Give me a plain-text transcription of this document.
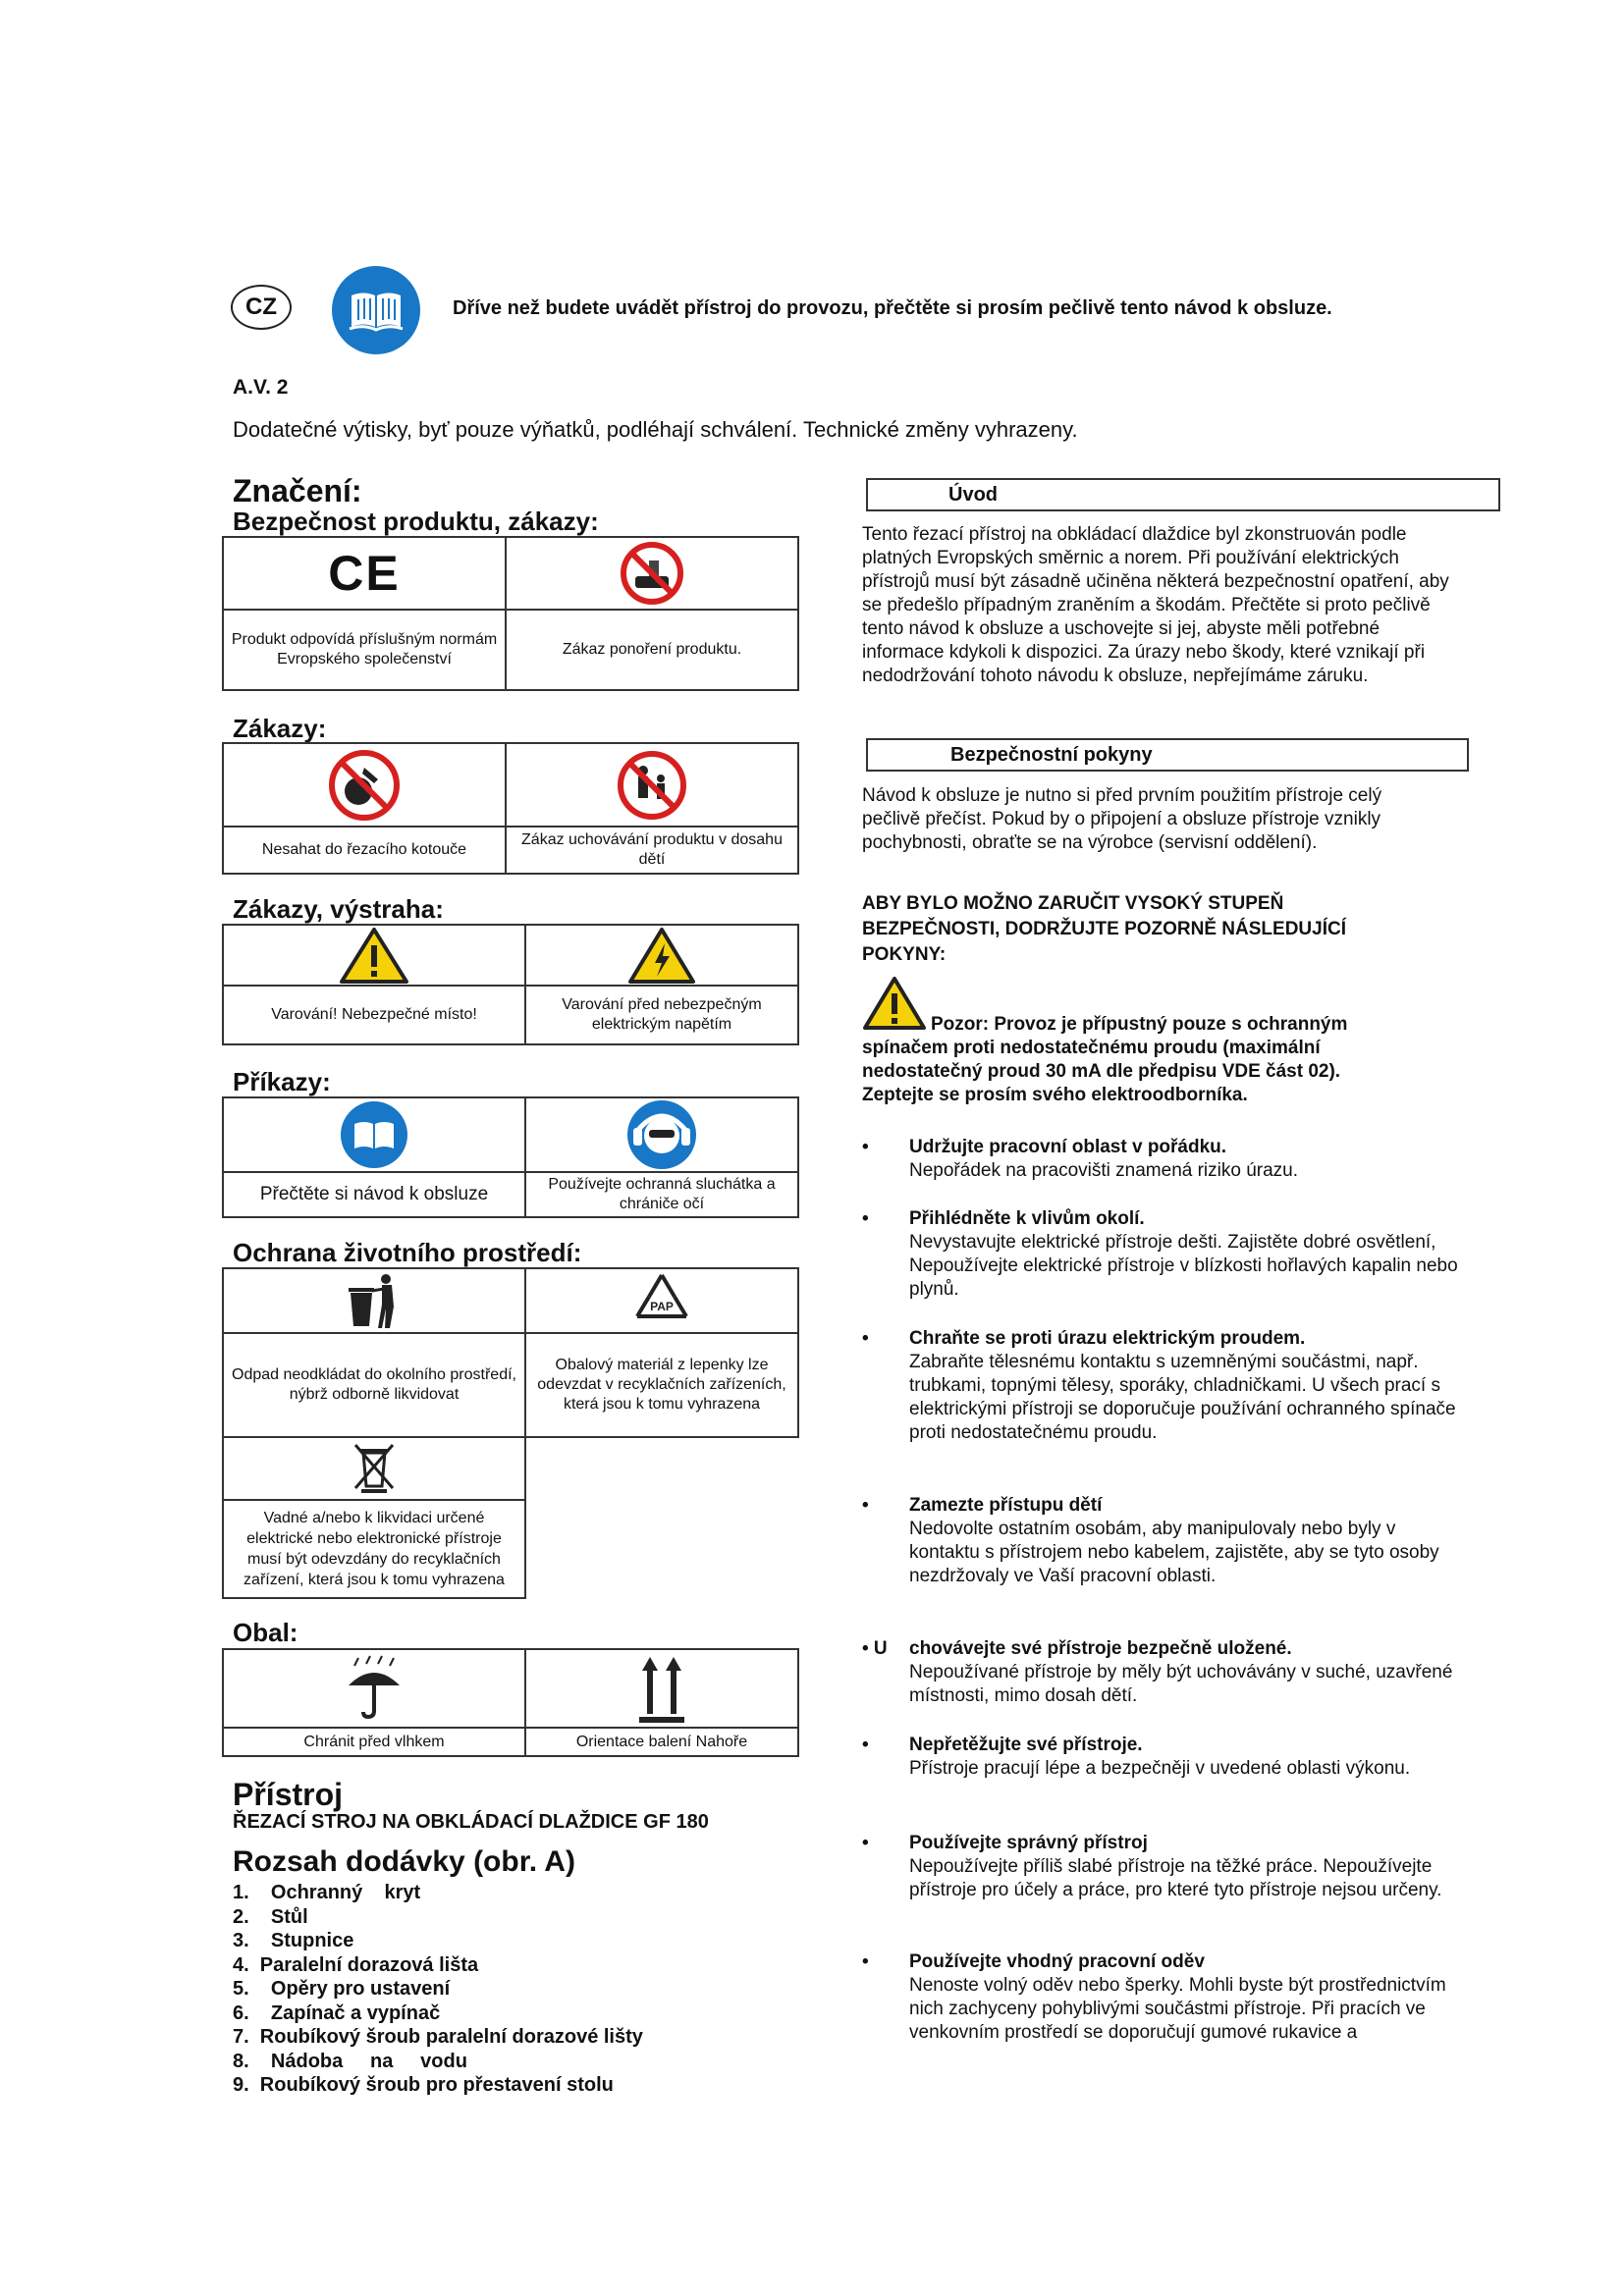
CZ	Dříve než budete uvádět přístroj do provozu, přečtěte si prosím pečlivě tento návod k obsluze.
A.V. 2
Dodatečné výtisky, byť pouze výňatků, podléhají schválení. Technické změny vyhrazeny.
Značení:
Bezpečnost produktu, zákazy:
CE

Produkt odpovídá příslušným normám Evropského společenství	Zákaz ponoření produktu.
Zákazy:

Nesahat do řezacího kotouče	Zákaz uchovávání produktu v dosahu dětí
Zákazy, výstraha:

Varování! Nebezpečné místo!	Varování před nebezpečným elektrickým napětím
Příkazy:

Přečtěte si návod k obsluze	Používejte ochranná sluchátka a chrániče očí
Ochrana životního prostředí:

PAP

Odpad neodkládat do okolního prostředí, nýbrž odborně likvidovat	Obalový materiál z lepenky lze odevzdat v recyklačních zařízeních, která jsou k tomu vyhrazena

Vadné a/nebo k likvidaci určené elektrické nebo elektronické přístroje musí být odevzdány do recyklačních zařízení, která jsou k tomu vyhrazena
Obal:

Chránit před vlhkem	Orientace balení Nahoře
Přístroj
ŘEZACÍ STROJ NA OBKLÁDACÍ DLAŽDICE GF 180
Rozsah dodávky (obr. A)
1.    Ochranný    kryt
2.    Stůl
3.    Stupnice
4.  Paralelní dorazová lišta
5.    Opěry pro ustavení
6.    Zapínač a vypínač
7.  Roubíkový šroub paralelní dorazové lišty
8.    Nádoba     na     vodu
9.  Roubíkový šroub pro přestavení stolu
Úvod
Tento řezací přístroj na obkládací dlaždice byl zkonstruován podle platných Evropských směrnic a norem. Při používání elektrických přístrojů musí být zásadně učiněna některá bezpečnostní opatření, aby se předešlo případným zraněním a škodám. Přečtěte si proto pečlivě tento návod k obsluze a uschovejte si jej, abyste měli potřebné informace kdykoli k dispozici. Za úrazy nebo škody, které vznikají při nedodržování tohoto návodu k obsluze, nepřejímáme záruku.
Bezpečnostní pokyny
Návod k obsluze je nutno si před prvním použitím přístroje celý pečlivě přečíst. Pokud by o připojení a obsluze přístroje vznikly pochybnosti, obraťte se na výrobce (servisní oddělení).
ABY BYLO MOŽNO ZARUČIT VYSOKÝ STUPEŇ BEZPEČNOSTI, DODRŽUJTE POZORNĚ NÁSLEDUJÍCÍ POKYNY:
Pozor: Provoz je přípustný pouze s ochranným spínačem proti nedostatečnému proudu (maximální nedostatečný proud 30 mA dle předpisu VDE část 02). Zeptejte se prosím svého elektroodborníka.
• Udržujte pracovní oblast v pořádku.
Nepořádek na pracovišti znamená riziko úrazu.
• Přihlédněte k vlivům okolí.
Nevystavujte elektrické přístroje dešti. Zajistěte dobré osvětlení, Nepoužívejte elektrické přístroje v blízkosti hořlavých kapalin nebo plynů.
• Chraňte se proti úrazu elektrickým proudem.
Zabraňte tělesnému kontaktu s uzemněnými součástmi, např. trubkami, topnými tělesy, sporáky, chladničkami. U všech prací s elektrickými přístroji se doporučuje používání ochranného spínače proti nedostatečnému proudu.
• Zamezte přístupu dětí
Nedovolte ostatním osobám, aby manipulovaly nebo byly v kontaktu s přístrojem nebo kabelem, zajistěte, aby se tyto osoby nezdržovaly ve Vaší pracovní oblasti.
• U chovávejte své přístroje bezpečně uložené.
Nepoužívané přístroje by měly být uchovávány v suché, uzavřené místnosti, mimo dosah dětí.
• Nepřetěžujte své přístroje.
Přístroje pracují lépe a bezpečněji v uvedené oblasti výkonu.
• Používejte správný přístroj
Nepoužívejte příliš slabé přístroje na těžké práce. Nepoužívejte přístroje pro účely a práce, pro které tyto přístroje nejsou určeny.
• Používejte vhodný pracovní oděv
Nenoste volný oděv nebo šperky. Mohli byste být prostřednictvím nich zachyceny pohyblivými součástmi přístroje. Při pracích ve venkovním prostředí se doporučují gumové rukavice a
